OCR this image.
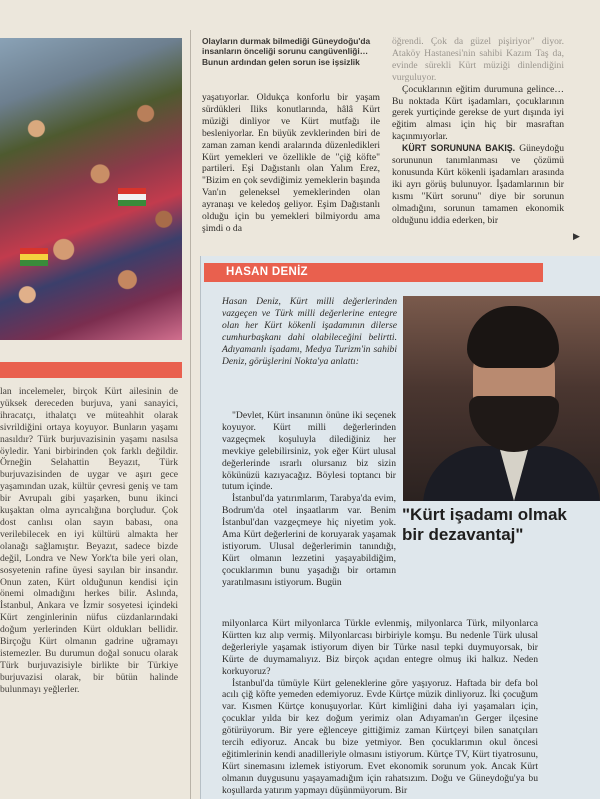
Olayların durmak bilmediği Güneydoğu'da insanların önceliği sorunu cangüvenliği… Bunun ardından gelen sorun ise işsizlik

yaşatıyorlar. Oldukça konforlu bir yaşam sürdükleri Iliks konutlarında, hâlâ Kürt müziği dinliyor ve Kürt mutfağı ile besleniyorlar. En büyük zevklerinden biri de zaman zaman kendi aralarında düzenledikleri Kürt yemekleri ve özellikle de "çiğ köfte" partileri. Eşi Dağıstanlı olan Yalım Erez, "Bizim en çok sevdiğimiz yemeklerin başında Van'ın geleneksel yemeklerinden olan ayranaşı ve keledoş geliyor. Eşim Dağıstanlı olduğu için bu yemekleri bilmiyordu ama şimdi o da

öğrendi. Çok da güzel pişiriyor" diyor. Ataköy Hastanesi'nin sahibi Kazım Taş da, evinde sürekli Kürt müziği dinlendiğini vurguluyor.

Çocuklarının eğitim durumuna gelince… Bu noktada Kürt işadamları, çocuklarının gerek yurtiçinde gerekse de yurt dışında iyi eğitim alması için hiç bir masraftan kaçınmıyorlar.

KÜRT SORUNUNA BAKIŞ. Güneydoğu sorununun tanımlanması ve çözümü konusunda Kürt kökenli işadamları arasında iki ayrı görüş bulunuyor. İşadamlarının bir kısmı "Kürt sorunu" diye bir sorunun olmadığını, sorunun tamamen ekonomik olduğunu iddia ederken, bir

▶

lan incelemeler, birçok Kürt ailesinin de yüksek dereceden burjuva, yani sanayici, ihracatçı, ithalatçı ve müteahhit olarak sivrildiğini ortaya koyuyor. Bunların yaşamı nasıldır? Türk burjuvazisinin yaşamı nasılsa öyledir. Yani birbirinden çok farklı değildir. Örneğin Selahattin Beyazıt, Türk burjuvazisinden de uygar ve aşırı gece yaşamından uzak, kültür çevresi geniş ve tam bir Avrupalı gibi yaşarken, bunu ikinci kuşaktan olma ayrıcalığına borçludur. Çok dost canlısı olan sayın babası, ona verilebilecek en iyi kültürü almakta her olanağı sağlamıştır. Beyazıt, sadece bizde değil, Londra ve New York'ta bile yeri olan, sosyetenin rafine üyesi sayılan bir insandır. Onun zaten, Kürt olduğunun kendisi için önemi olmadığını herkes bilir. Aslında, İstanbul, Ankara ve İzmir sosyetesi içindeki Kürt zenginlerinin nüfus cüzdanlarındaki doğum yerlerinden Kürt oldukları bellidir. Birçoğu Kürt olmanın gadrine uğramayı istemezler. Bu durumun doğal sonucu olarak Türk burjuvazisiyle birlikte bir Türkiye burjuvazisi olarak, bir bütün halinde bulunmayı yeğlerler.

HASAN DENİZ
Hasan Deniz, Kürt milli değerlerinden vazgeçen ve Türk milli değerlerine entegre olan her Kürt kökenli işadamının dilerse cumhurbaşkanı dahi olabileceğini belirtti. Adıyamanlı işadamı, Medya Turizm'in sahibi Deniz, görüşlerini Nokta'ya anlattı:

"Devlet, Kürt insanının önüne iki seçenek koyuyor. Kürt milli değerlerinden vazgeçmek koşuluyla dilediğiniz her mevkiye gelebilirsiniz, yok eğer Kürt ulusal değerlerinde ısrarlı olursanız biz sizin kökünüzü kazıyacağız. Böylesi toptancı bir tutum içinde.

İstanbul'da yatırımlarım, Tarabya'da evim, Bodrum'da otel inşaatlarım var. Benim İstanbul'dan vazgeçmeye hiç niyetim yok. Ama Kürt değerlerini de koruyarak yaşamak istiyorum. Ulusal değerlerimin tanındığı, Kürt olmanın lezzetini yaşayabildiğim, çocuklarımın bunu yaşadığı bir ortamın yaratılmasını istiyorum. Bugün

milyonlarca Kürt milyonlarca Türkle evlenmiş, milyonlarca Türk, milyonlarca Kürtten kız alıp vermiş. Milyonlarcası birbiriyle komşu. Bu nedenle Türk ulusal değerleriyle yaşamak istiyorum diyen bir Türke nasıl tepki duymuyorsak, bir Kürte de duymamalıyız. Biz birçok açıdan entegre olmuş iki halkız. Neden korkuyoruz?

İstanbul'da tümüyle Kürt geleneklerine göre yaşıyoruz. Haftada bir defa bol acılı çiğ köfte yemeden edemiyoruz. Evde Kürtçe müzik dinliyoruz. İki çocuğum var. Kısmen Kürtçe konuşuyorlar. Kürt kimliğini daha iyi yaşamaları için, çocuklar yılda bir kez doğum yerimiz olan Adıyaman'ın Gerger ilçesine götürüyorum. Bir yere eğlenceye gittiğimiz zaman Kürtçeyi bilen sanatçıları tercih ediyoruz. Ancak bu bize yetmiyor. Ben çocuklarımın okul öncesi eğitimlerinin kendi anadilleriyle olmasını istiyorum. Kürtçe TV, Kürt tiyatrosunu, Kürt sinemasını izlemek istiyorum. Evet ekonomik sorunum yok. Ancak Kürt olmanın duygusunu yaşayamadığım için rahatsızım. Doğu ve Güneydoğu'ya bu koşullarda yatırım yapmayı düşünmüyorum. Bir

"Kürt işadamı olmak bir dezavantaj"
